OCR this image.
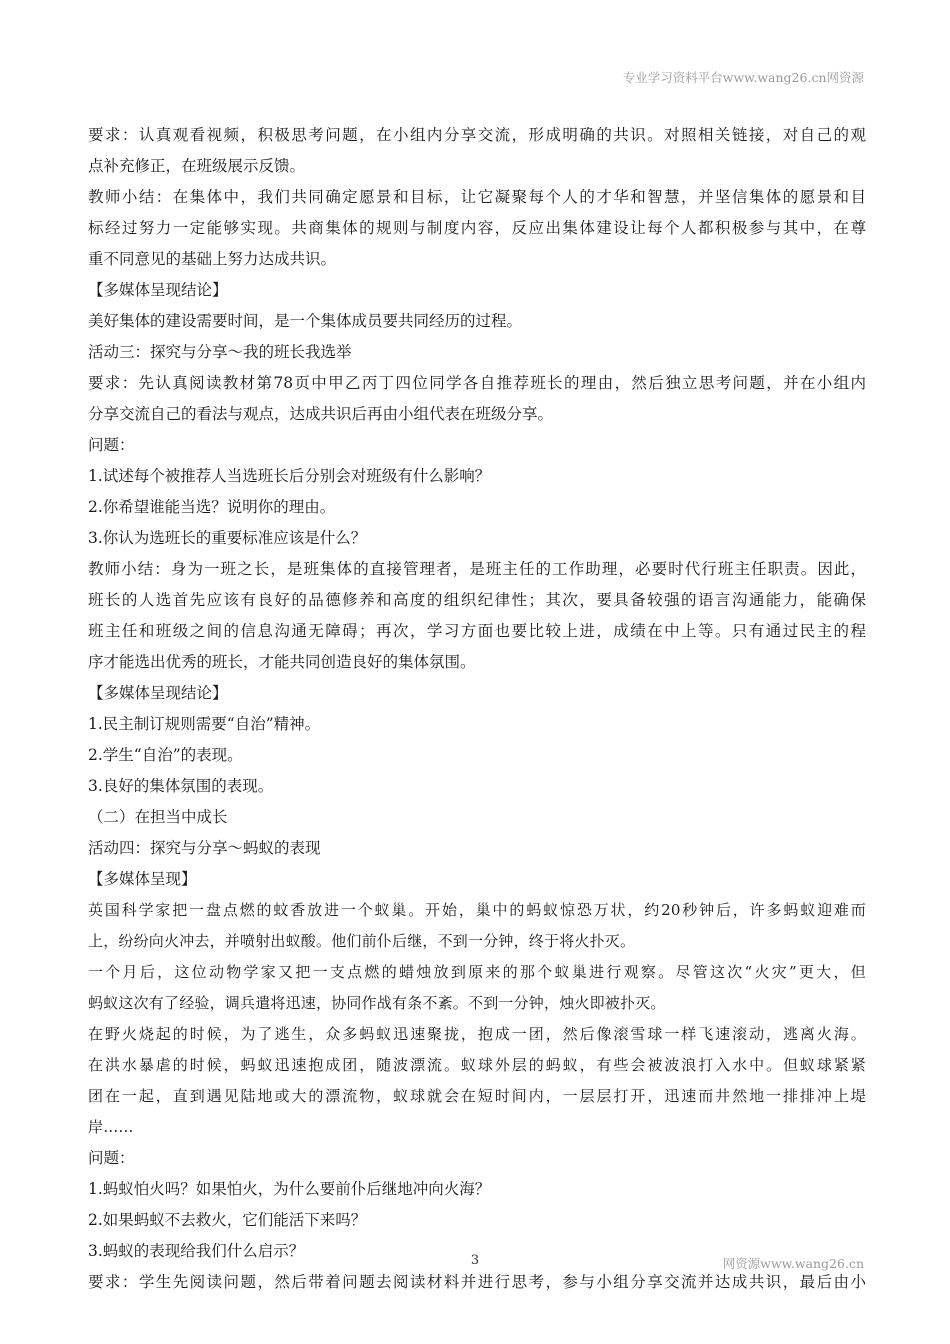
专业学习资料平台www.wang26.cn网资源
要求：认真观看视频，积极思考问题，在小组内分享交流，形成明确的共识。对照相关链接，对自己的观
点补充修正，在班级展示反馈。
教师小结：在集体中，我们共同确定愿景和目标，让它凝聚每个人的才华和智慧，并坚信集体的愿景和目
标经过努力一定能够实现。共商集体的规则与制度内容，反应出集体建设让每个人都积极参与其中，在尊
重不同意见的基础上努力达成共识。
【多媒体呈现结论】
美好集体的建设需要时间，是一个集体成员要共同经历的过程。
活动三：探究与分享～我的班长我选举
要求：先认真阅读教材第78页中甲乙丙丁四位同学各自推荐班长的理由，然后独立思考问题，并在小组内
分享交流自己的看法与观点，达成共识后再由小组代表在班级分享。
问题：
1.试述每个被推荐人当选班长后分别会对班级有什么影响？
2.你希望谁能当选？说明你的理由。
3.你认为选班长的重要标准应该是什么？
教师小结：身为一班之长，是班集体的直接管理者，是班主任的工作助理，必要时代行班主任职责。因此，
班长的人选首先应该有良好的品德修养和高度的组织纪律性；其次，要具备较强的语言沟通能力，能确保
班主任和班级之间的信息沟通无障碍；再次，学习方面也要比较上进，成绩在中上等。只有通过民主的程
序才能选出优秀的班长，才能共同创造良好的集体氛围。
【多媒体呈现结论】
1.民主制订规则需要“自治”精神。
2.学生“自治”的表现。
3.良好的集体氛围的表现。
（二）在担当中成长
活动四：探究与分享～蚂蚁的表现
【多媒体呈现】
英国科学家把一盘点燃的蚊香放进一个蚁巢。开始，巢中的蚂蚁惊恐万状，约20秒钟后，许多蚂蚁迎难而
上，纷纷向火冲去，并喷射出蚁酸。他们前仆后继，不到一分钟，终于将火扑灭。
一个月后，这位动物学家又把一支点燃的蜡烛放到原来的那个蚁巢进行观察。尽管这次“火灾”更大，但
蚂蚁这次有了经验，调兵遣将迅速，协同作战有条不紊。不到一分钟，烛火即被扑灭。
在野火烧起的时候，为了逃生，众多蚂蚁迅速聚拢，抱成一团，然后像滚雪球一样飞速滚动，逃离火海。
在洪水暴虐的时候，蚂蚁迅速抱成团，随波漂流。蚁球外层的蚂蚁，有些会被波浪打入水中。但蚁球紧紧
团在一起，直到遇见陆地或大的漂流物，蚁球就会在短时间内，一层层打开，迅速而井然地一排排冲上堤
岸……
问题：
1.蚂蚁怕火吗？如果怕火，为什么要前仆后继地冲向火海？
2.如果蚂蚁不去救火，它们能活下来吗？
3.蚂蚁的表现给我们什么启示？
要求：学生先阅读问题，然后带着问题去阅读材料并进行思考，参与小组分享交流并达成共识，最后由小
3	网资源www.wang26.cn
